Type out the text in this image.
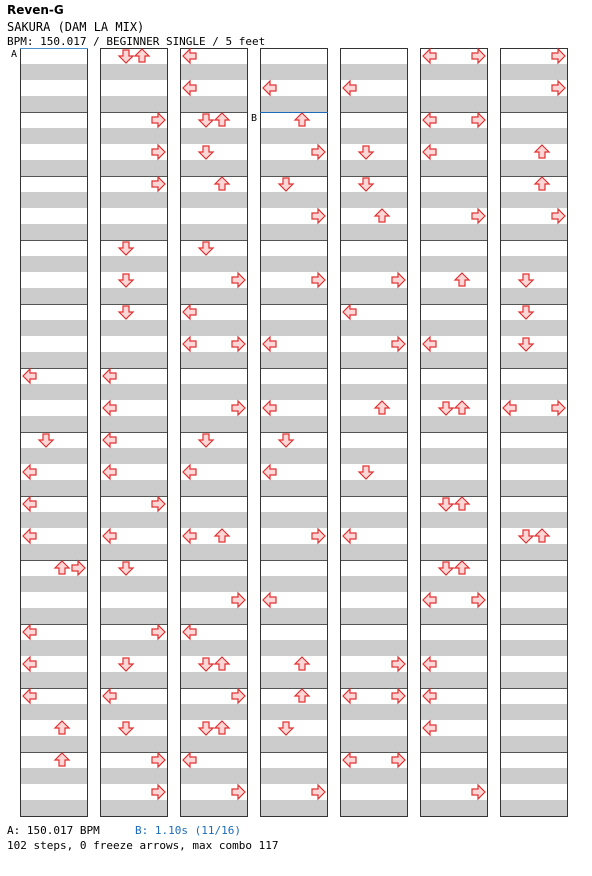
Reven-G
SAKURA (DAM LA MIX)
BPM: 150.017 / BEGINNER SINGLE / 5 feet
A
B
A: 150.017 BPM	B: 1.10s (11/16)
102 steps, 0 freeze arrows, max combo 117
